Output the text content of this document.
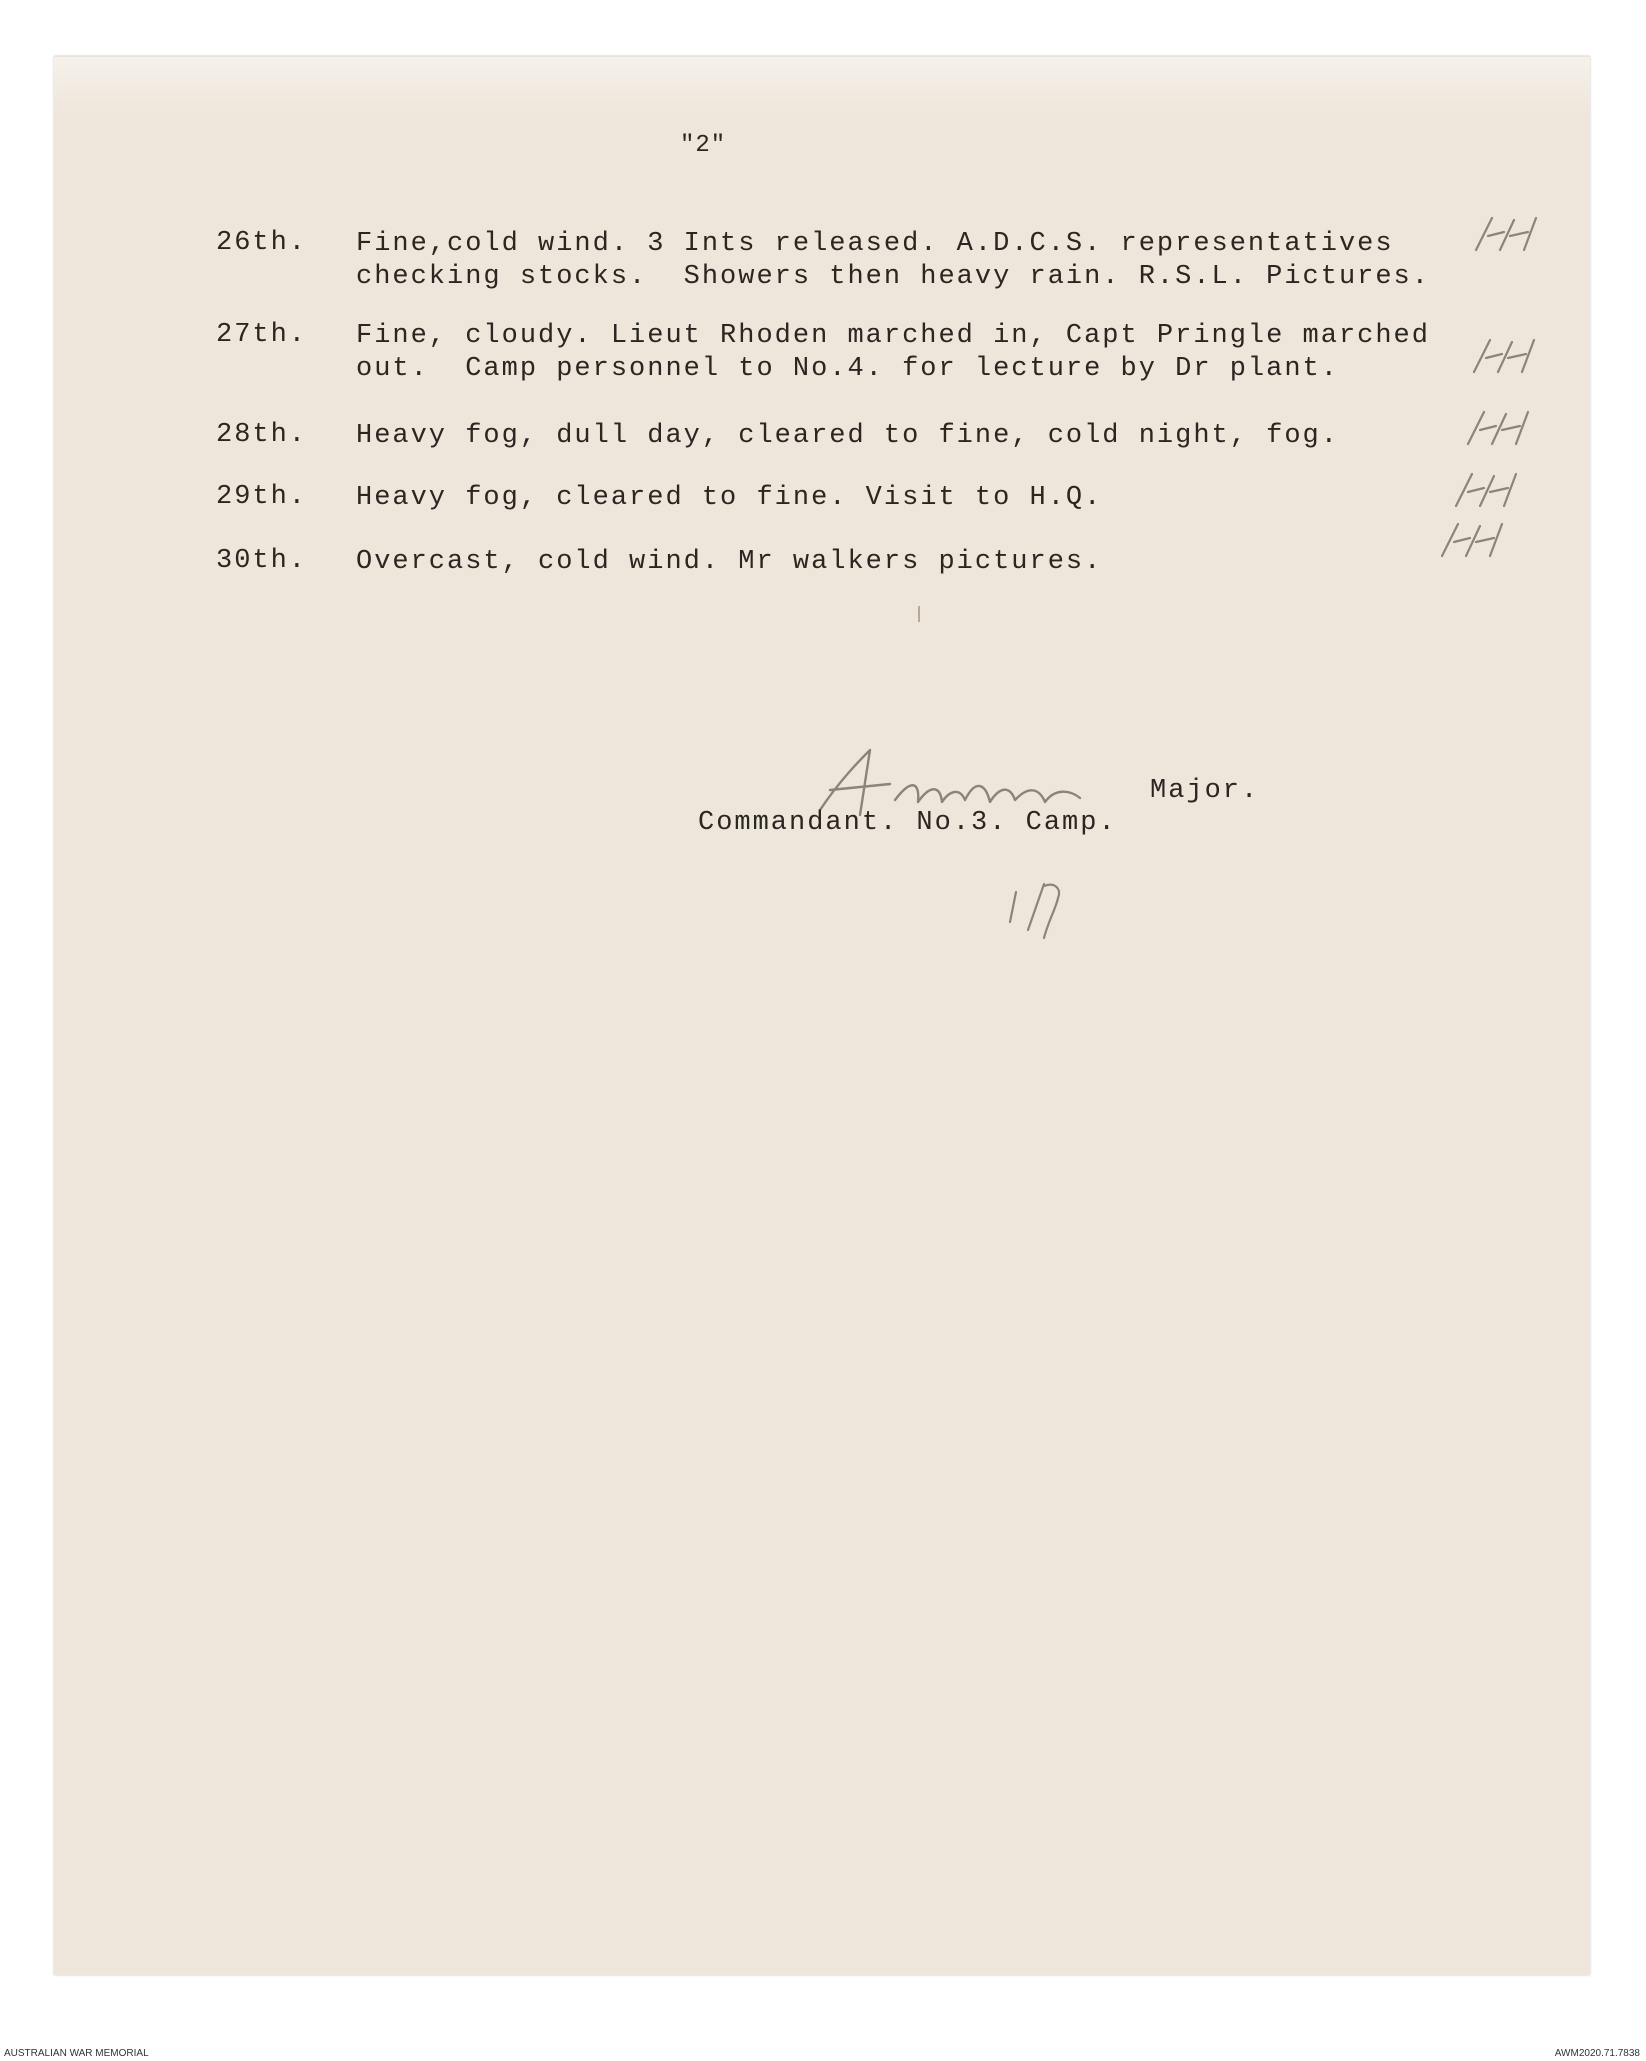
"2"
26th.	Fine,cold wind. 3 Ints released. A.D.C.S. representatives
checking stocks.  Showers then heavy rain. R.S.L. Pictures.
27th.	Fine, cloudy. Lieut Rhoden marched in, Capt Pringle marched
out.  Camp personnel to No.4. for lecture by Dr plant.
28th.	Heavy fog, dull day, cleared to fine, cold night, fog.
29th.	Heavy fog, cleared to fine. Visit to H.Q.
30th.	Overcast, cold wind. Mr walkers pictures.
Major.
Commandant. No.3. Camp.
AUSTRALIAN WAR MEMORIAL	AWM2020.71.7838
